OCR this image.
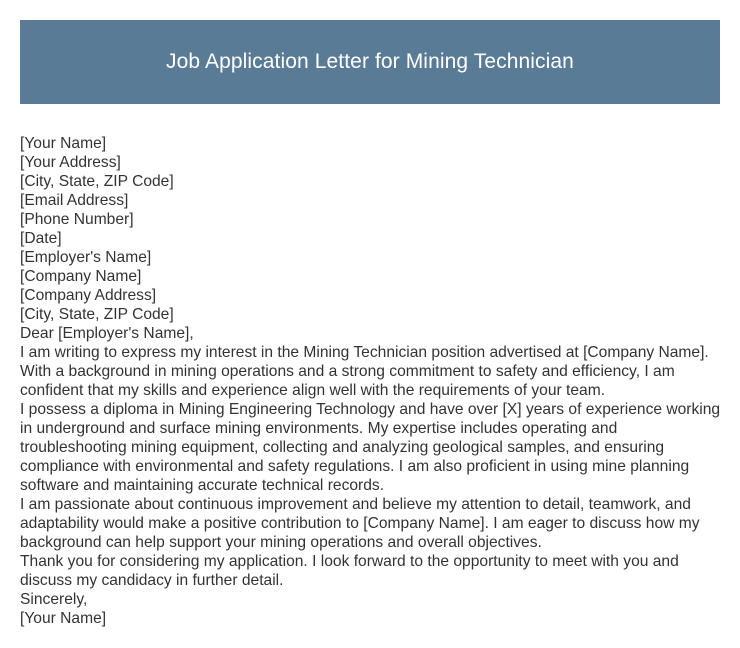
Job Application Letter for Mining Technician
[Your Name]
[Your Address]
[City, State, ZIP Code]
[Email Address]
[Phone Number]
[Date]
[Employer's Name]
[Company Name]
[Company Address]
[City, State, ZIP Code]
Dear [Employer's Name],
I am writing to express my interest in the Mining Technician position advertised at [Company Name]. With a background in mining operations and a strong commitment to safety and efficiency, I am confident that my skills and experience align well with the requirements of your team.
I possess a diploma in Mining Engineering Technology and have over [X] years of experience working in underground and surface mining environments. My expertise includes operating and troubleshooting mining equipment, collecting and analyzing geological samples, and ensuring compliance with environmental and safety regulations. I am also proficient in using mine planning software and maintaining accurate technical records.
I am passionate about continuous improvement and believe my attention to detail, teamwork, and adaptability would make a positive contribution to [Company Name]. I am eager to discuss how my background can help support your mining operations and overall objectives.
Thank you for considering my application. I look forward to the opportunity to meet with you and discuss my candidacy in further detail.
Sincerely,
[Your Name]
